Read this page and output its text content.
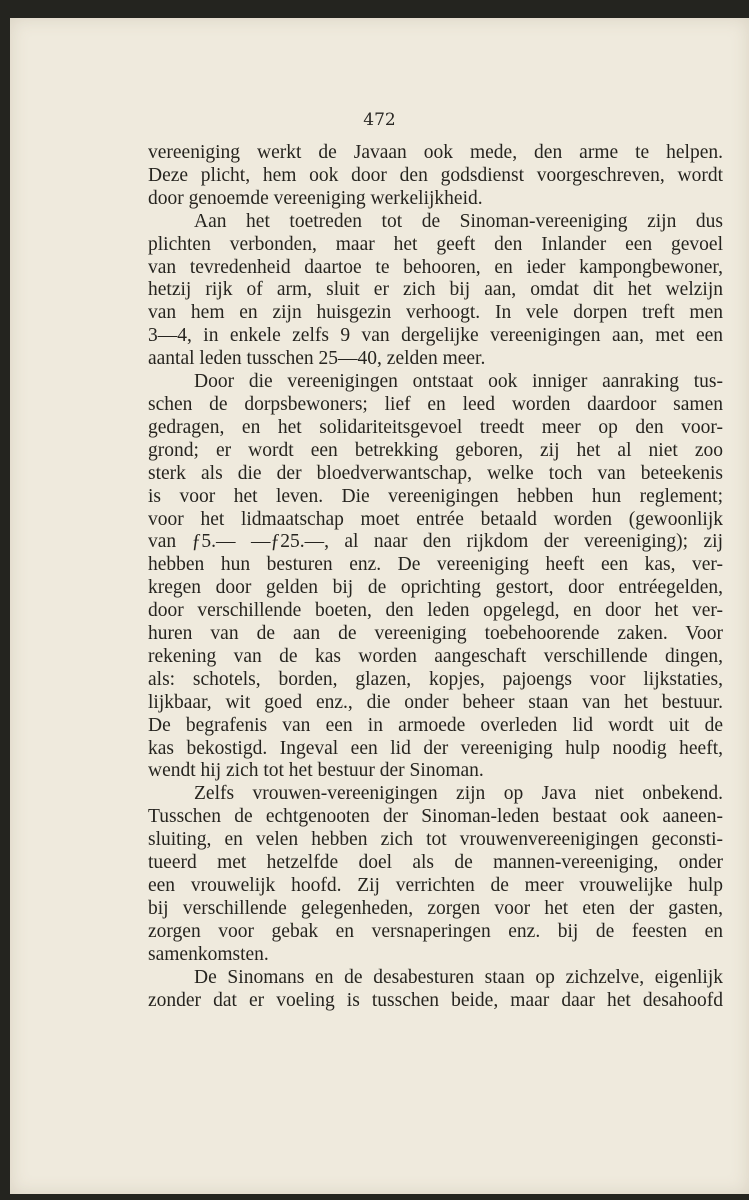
472
vereeniging werkt de Javaan ook mede, den arme te helpen.
Deze plicht, hem ook door den godsdienst voorgeschreven, wordt
door genoemde vereeniging werkelijkheid.
Aan het toetreden tot de Sinoman-vereeniging zijn dus
plichten verbonden, maar het geeft den Inlander een gevoel
van tevredenheid daartoe te behooren, en ieder kampongbewoner,
hetzij rijk of arm, sluit er zich bij aan, omdat dit het welzijn
van hem en zijn huisgezin verhoogt. In vele dorpen treft men
3—4, in enkele zelfs 9 van dergelijke vereenigingen aan, met een
aantal leden tusschen 25—40, zelden meer.
Door die vereenigingen ontstaat ook inniger aanraking tus-
schen de dorpsbewoners; lief en leed worden daardoor samen
gedragen, en het solidariteitsgevoel treedt meer op den voor-
grond; er wordt een betrekking geboren, zij het al niet zoo
sterk als die der bloedverwantschap, welke toch van beteekenis
is voor het leven. Die vereenigingen hebben hun reglement;
voor het lidmaatschap moet entrée betaald worden (gewoonlijk
van ƒ5.— —ƒ25.—, al naar den rijkdom der vereeniging); zij
hebben hun besturen enz. De vereeniging heeft een kas, ver-
kregen door gelden bij de oprichting gestort, door entréegelden,
door verschillende boeten, den leden opgelegd, en door het ver-
huren van de aan de vereeniging toebehoorende zaken. Voor
rekening van de kas worden aangeschaft verschillende dingen,
als: schotels, borden, glazen, kopjes, pajoengs voor lijkstaties,
lijkbaar, wit goed enz., die onder beheer staan van het bestuur.
De begrafenis van een in armoede overleden lid wordt uit de
kas bekostigd. Ingeval een lid der vereeniging hulp noodig heeft,
wendt hij zich tot het bestuur der Sinoman.
Zelfs vrouwen-vereenigingen zijn op Java niet onbekend.
Tusschen de echtgenooten der Sinoman-leden bestaat ook aaneen-
sluiting, en velen hebben zich tot vrouwenvereenigingen geconsti-
tueerd met hetzelfde doel als de mannen-vereeniging, onder
een vrouwelijk hoofd. Zij verrichten de meer vrouwelijke hulp
bij verschillende gelegenheden, zorgen voor het eten der gasten,
zorgen voor gebak en versnaperingen enz. bij de feesten en
samenkomsten.
De Sinomans en de desabesturen staan op zichzelve, eigenlijk
zonder dat er voeling is tusschen beide, maar daar het desahoofd
